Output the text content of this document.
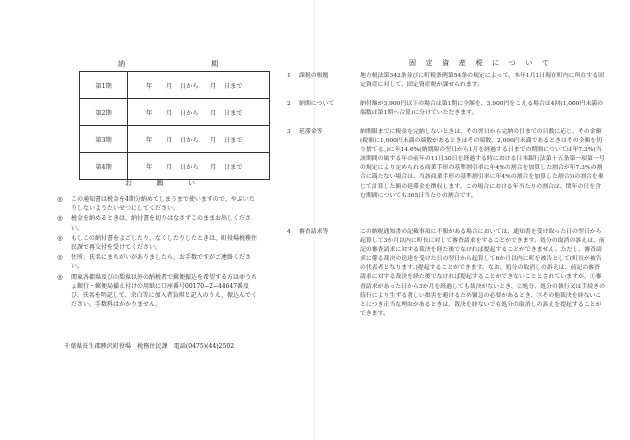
納	期
第1期	年 月 日から 月 日まで

第2期	年 月 日から 月 日まで

第3期	年 月 日から 月 日まで

第4期	年 月 日から 月 日まで
お	願	い
◎	この通知書は税金を4期分納めてしまうまで使いますので、やぶいたりしないようたいせつにしてください。
◎	税金を納めるときは、納付書を切りはなさずこのままお出しください。
◎	もしこの納付書をよごしたり、なくしたりしたときは、町役場税務住民課で再交付を受けてください。
◎	住所、氏名にまちがいがありましたら、お手数ですがご連絡ください。
◎	関東各都県及び山梨県以外の納税者で郵便振込を希望する方はゆうちょ銀行・郵便局備え付けの用紙に口座番号00170−2−44647番及び、氏名を明記して、余白等に加入者負担と記入のうえ、振込んでください。手数料はかかりません。
千葉県長生郡睦沢町役場　税務住民課　電話(0475)(44)2502
固 定 資 産 税 に つ い て
1	課税の根拠	地方税法第342条並びに町税条例第54条の規定によって、本年1月1日現在町内に所在する固定資産に対して、固定資産税が課せられます。
2	納期について	納付額が3,900円以下の場合は第1期に全額を、3,900円をこえる場合は4回(1,000円未満の端数は第1期へ合算)に分けていただきます。
3	延滞金等	納期限までに税金を完納しないときは、その翌日から完納の日までの日数に応じ、その金額(税額に1,000円未満の端数があるときはその端数、2,000円未満であるときはその全額を切り捨てる。)に年14.6%(納期限の翌日から1月を経過する日までの期間については年7.3%(当該期間の属する年の前年の11月30日を経過する時における日本銀行法第十五条第一項第一号の規定により定められる商業手形の基準割引率に年4%の割合を加算した割合が年7.3%の割合に満たない場合は、当該商業手形の基準割引率に年4%の割合を加算した割合))の割合を乗じて計算した額の延滞金を徴収します。この場合における年当たりの割合は、閏年の日を含む期間についても365日当たりの割合です。
4	審査請求等	この納税通知書の記載事項に不服がある場合においては、通知書を受け取った日の翌日から起算して3か月以内に町長に対して審査請求をすることができます。処分の取消の訴えは、前記の審査請求に対する裁決を経た後でなければ提起することができません。ただし、審査請求に係る裁決の送達を受けた日の翌日から起算して6か月以内に町を被告として(町長が被告の代表者となります。)提起することができます。なお、処分の取消しの訴えは、前記の審査請求に対する裁決を経た後でなければ提起することができないこととされていますが、①審査請求があった日から3か月を経過しても裁決がないとき、②処分、処分の執行又は手続きの続行により生ずる著しい損害を避けるため緊急の必要があるとき、③その他裁決を経ないことにつき正当な理由があるときは、裁決を経ないでも処分の取消しの訴えを提起することができます。
